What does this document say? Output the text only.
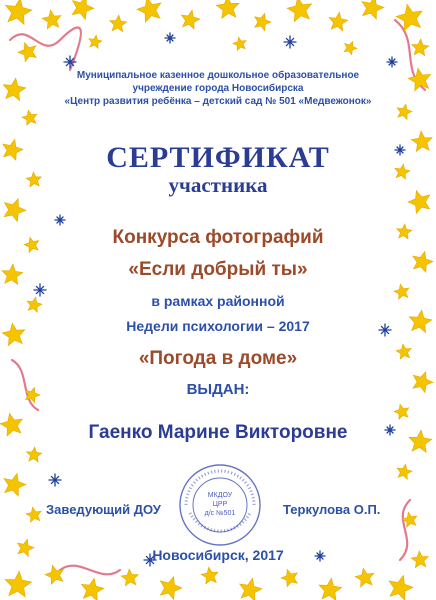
Муниципальное казенное дошкольное образовательное

учреждение города Новосибирска

«Центр развития ребёнка – детский сад № 501 «Медвежонок»

СЕРТИФИКАТ

участника

Конкурса фотографий

«Если добрый ты»

в рамках районной

Недели психологии – 2017

«Погода в доме»

ВЫДАН:

Гаенко Марине Викторовне

МКДОУ
ЦРР
д/с №501

Заведующий ДОУ	Теркулова О.П.

Новосибирск, 2017
